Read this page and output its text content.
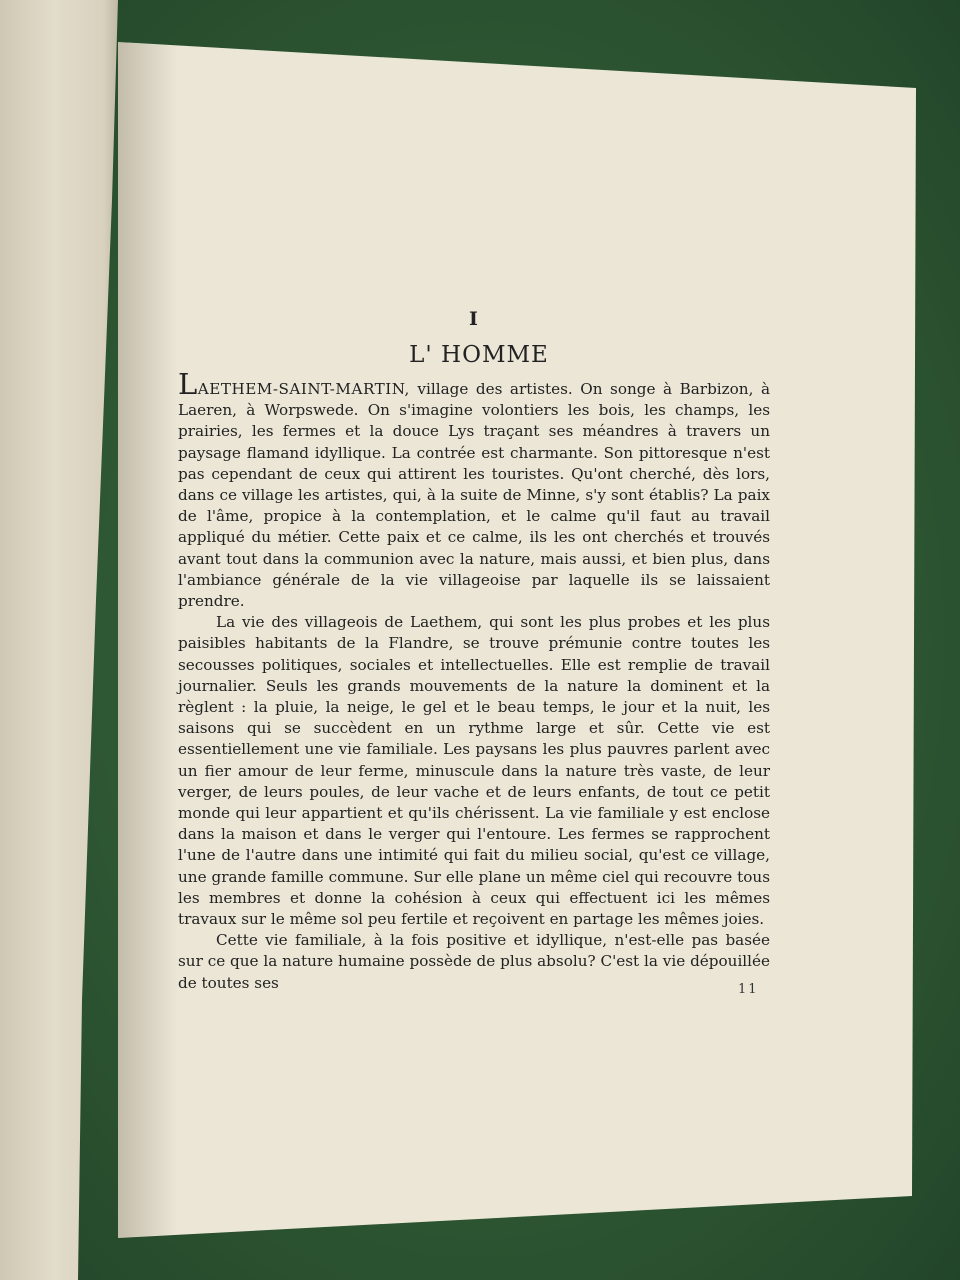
I
L' HOMME

LAETHEM-SAINT-MARTIN, village des artistes. On songe à Barbizon, à Laeren, à Worpswede. On s'imagine volontiers les bois, les champs, les prairies, les fermes et la douce Lys traçant ses méandres à travers un paysage flamand idyllique. La contrée est charmante. Son pittoresque n'est pas cependant de ceux qui attirent les touristes. Qu'ont cherché, dès lors, dans ce village les artistes, qui, à la suite de Minne, s'y sont établis? La paix de l'âme, propice à la contemplation, et le calme qu'il faut au travail appliqué du métier. Cette paix et ce calme, ils les ont cherchés et trouvés avant tout dans la communion avec la nature, mais aussi, et bien plus, dans l'ambiance générale de la vie villageoise par laquelle ils se laissaient prendre.

La vie des villageois de Laethem, qui sont les plus probes et les plus paisibles habitants de la Flandre, se trouve prémunie contre toutes les secousses politiques, sociales et intellectuelles. Elle est remplie de travail journalier. Seuls les grands mouvements de la nature la dominent et la règlent : la pluie, la neige, le gel et le beau temps, le jour et la nuit, les saisons qui se succèdent en un rythme large et sûr. Cette vie est essentiellement une vie familiale. Les paysans les plus pauvres parlent avec un fier amour de leur ferme, minuscule dans la nature très vaste, de leur verger, de leurs poules, de leur vache et de leurs enfants, de tout ce petit monde qui leur appartient et qu'ils chérissent. La vie familiale y est enclose dans la maison et dans le verger qui l'entoure. Les fermes se rapprochent l'une de l'autre dans une intimité qui fait du milieu social, qu'est ce village, une grande famille commune. Sur elle plane un même ciel qui recouvre tous les membres et donne la cohésion à ceux qui effectuent ici les mêmes travaux sur le même sol peu fertile et reçoivent en partage les mêmes joies.

Cette vie familiale, à la fois positive et idyllique, n'est-elle pas basée sur ce que la nature humaine possède de plus absolu? C'est la vie dépouillée de toutes ses	11
